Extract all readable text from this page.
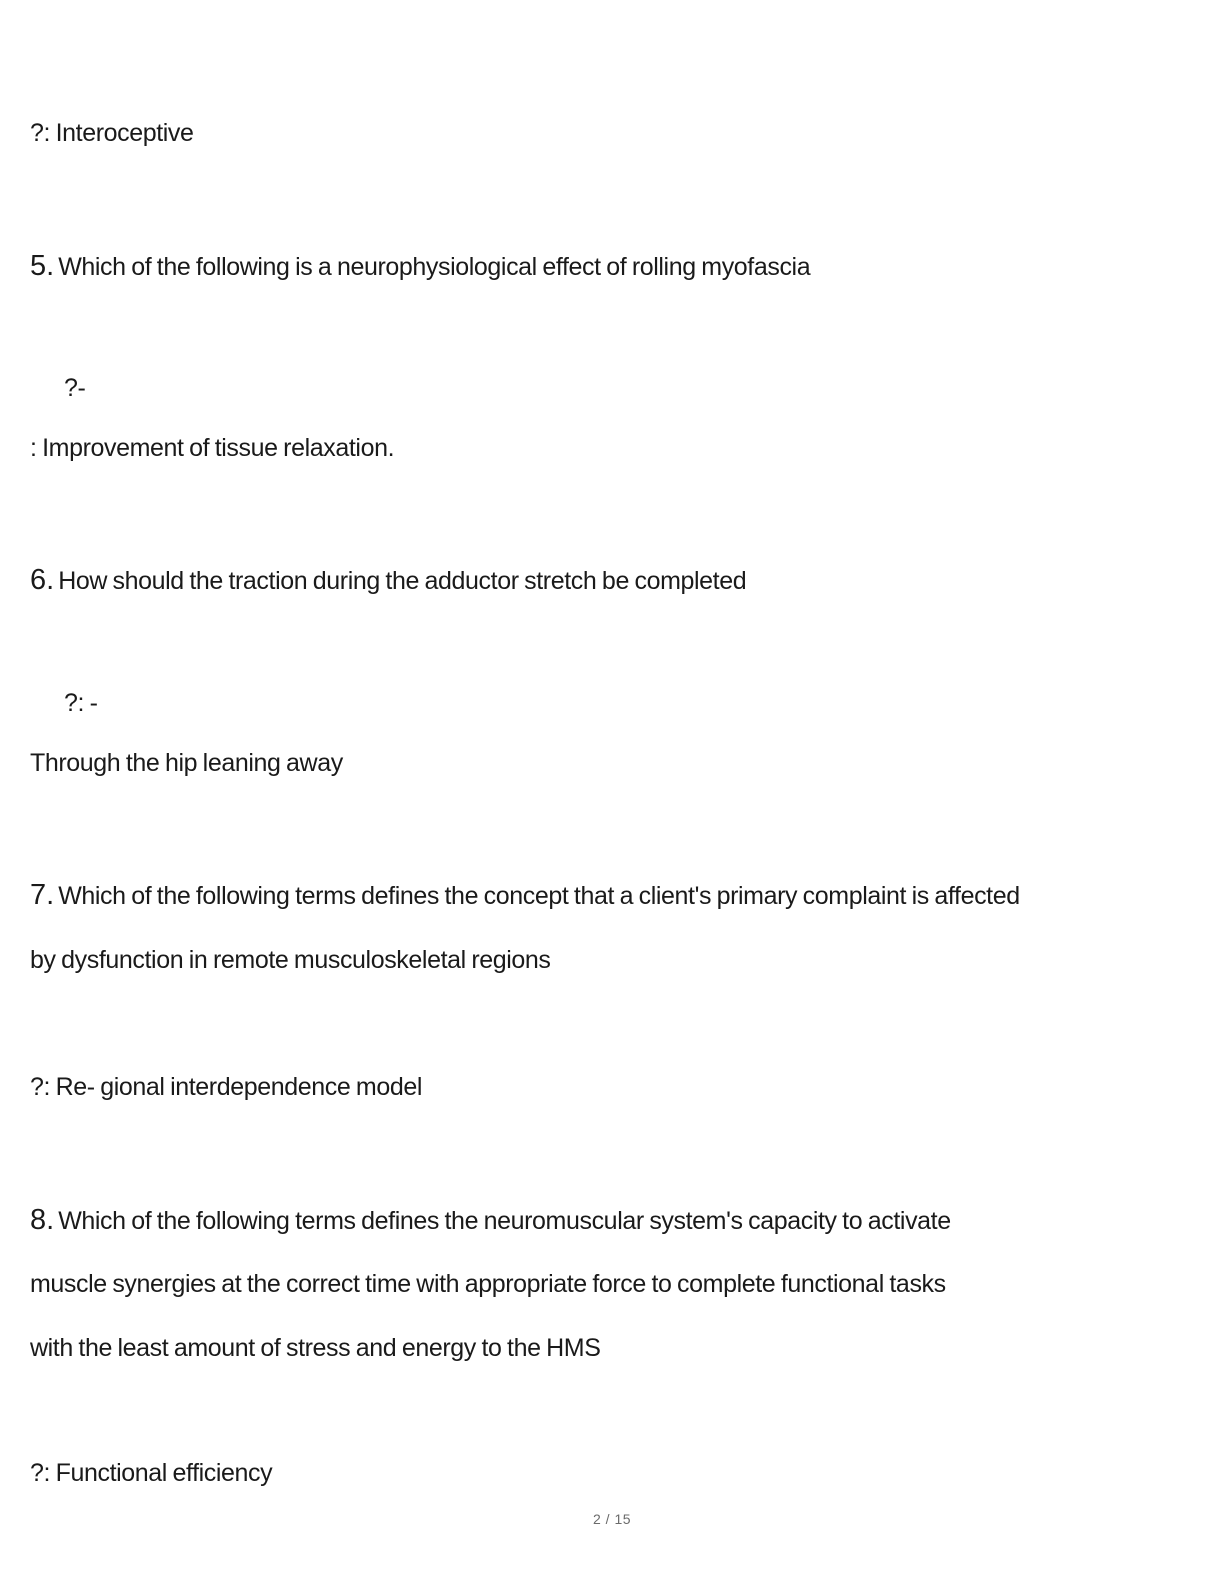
?: Interoceptive
5. Which of the following is a neurophysiological effect of rolling myofascia
?-
: Improvement of tissue relaxation.
6. How should the traction during the adductor stretch be completed
?: -
Through the hip leaning away
7. Which of the following terms defines the concept that a client's primary complaint is affected
by dysfunction in remote musculoskeletal regions
?: Re- gional interdependence model
8. Which of the following terms defines the neuromuscular system's capacity to activate
muscle synergies at the correct time with appropriate force to complete functional tasks
with the least amount of stress and energy to the HMS
?: Functional efficiency
2 / 15
